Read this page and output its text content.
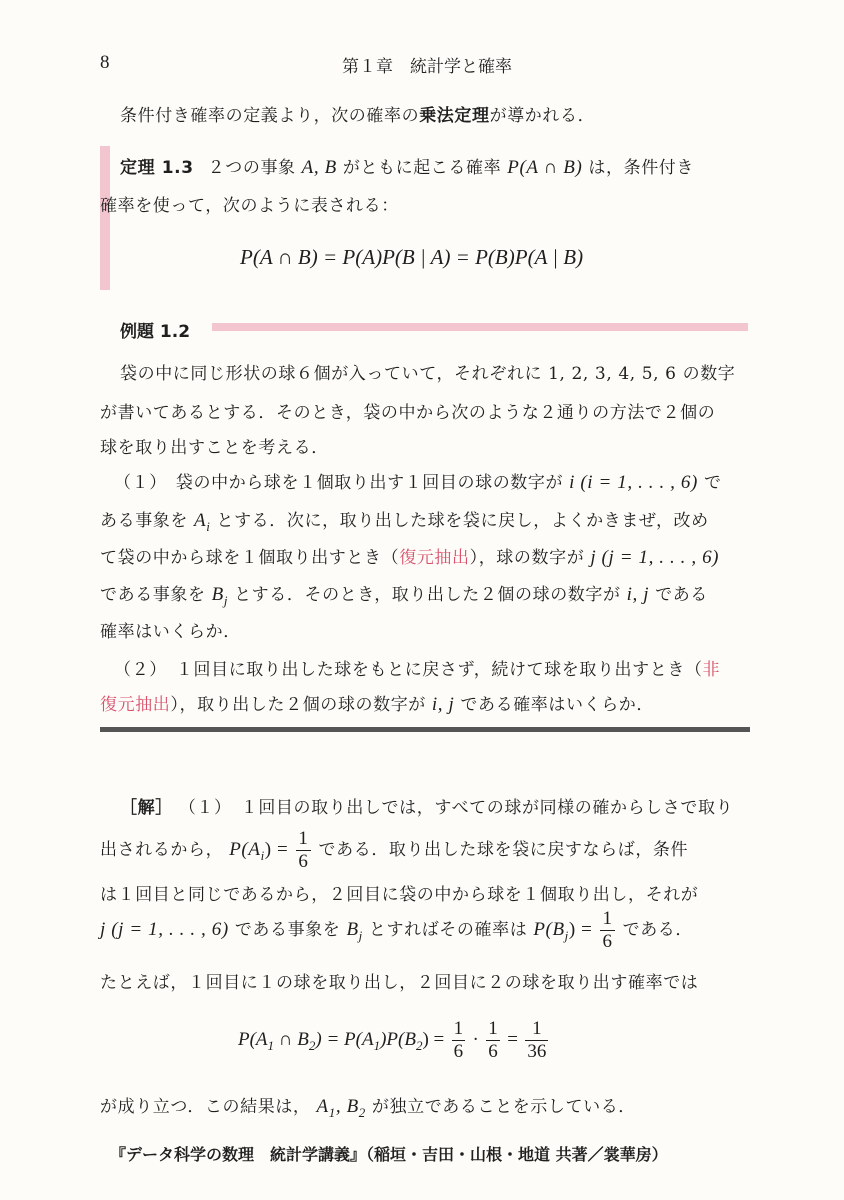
8	第１章　統計学と確率
条件付き確率の定義より，次の確率の乗法定理が導かれる．
定理 1.3 ２つの事象 A, B がともに起こる確率 P(A ∩ B) は，条件付き
確率を使って，次のように表される：
P(A ∩ B) = P(A)P(B | A) = P(B)P(A | B)
例題 1.2
袋の中に同じ形状の球６個が入っていて，それぞれに 1, 2, 3, 4, 5, 6 の数字
が書いてあるとする．そのとき，袋の中から次のような２通りの方法で２個の
球を取り出すことを考える．
（１）　袋の中から球を１個取り出す１回目の球の数字が i (i = 1, . . . , 6) で
ある事象を $A_i$ とする．次に，取り出した球を袋に戻し，よくかきまぜ，改め
て袋の中から球を１個取り出すとき（復元抽出），球の数字が j (j = 1, . . . , 6)
である事象を $B_j$ とする．そのとき，取り出した２個の球の数字が i, j である
確率はいくらか．
（２）　１回目に取り出した球をもとに戻さず，続けて球を取り出すとき（非
復元抽出），取り出した２個の球の数字が i, j である確率はいくらか．
［解］ （１）　１回目の取り出しでは，すべての球が同様の確からしさで取り
出されるから， $P(A_i) = \frac{1}{6}$ である．取り出した球を袋に戻すならば，条件
は１回目と同じであるから，２回目に袋の中から球を１個取り出し，それが
j (j = 1, . . . , 6) である事象を $B_j$ とすればその確率は $P(B_j) = \frac{1}{6}$ である．
たとえば，１回目に１の球を取り出し，２回目に２の球を取り出す確率では
$P(A_1$ ∩ $B_2) = P(A_1)P(B_2) = \frac{1}{6} \cdot \frac{1}{6} = \frac{1}{36}$
が成り立つ．この結果は， $A_1$, $B_2$ が独立であることを示している．
『データ科学の数理　統計学講義』（稲垣・吉田・山根・地道 共著／裳華房）
